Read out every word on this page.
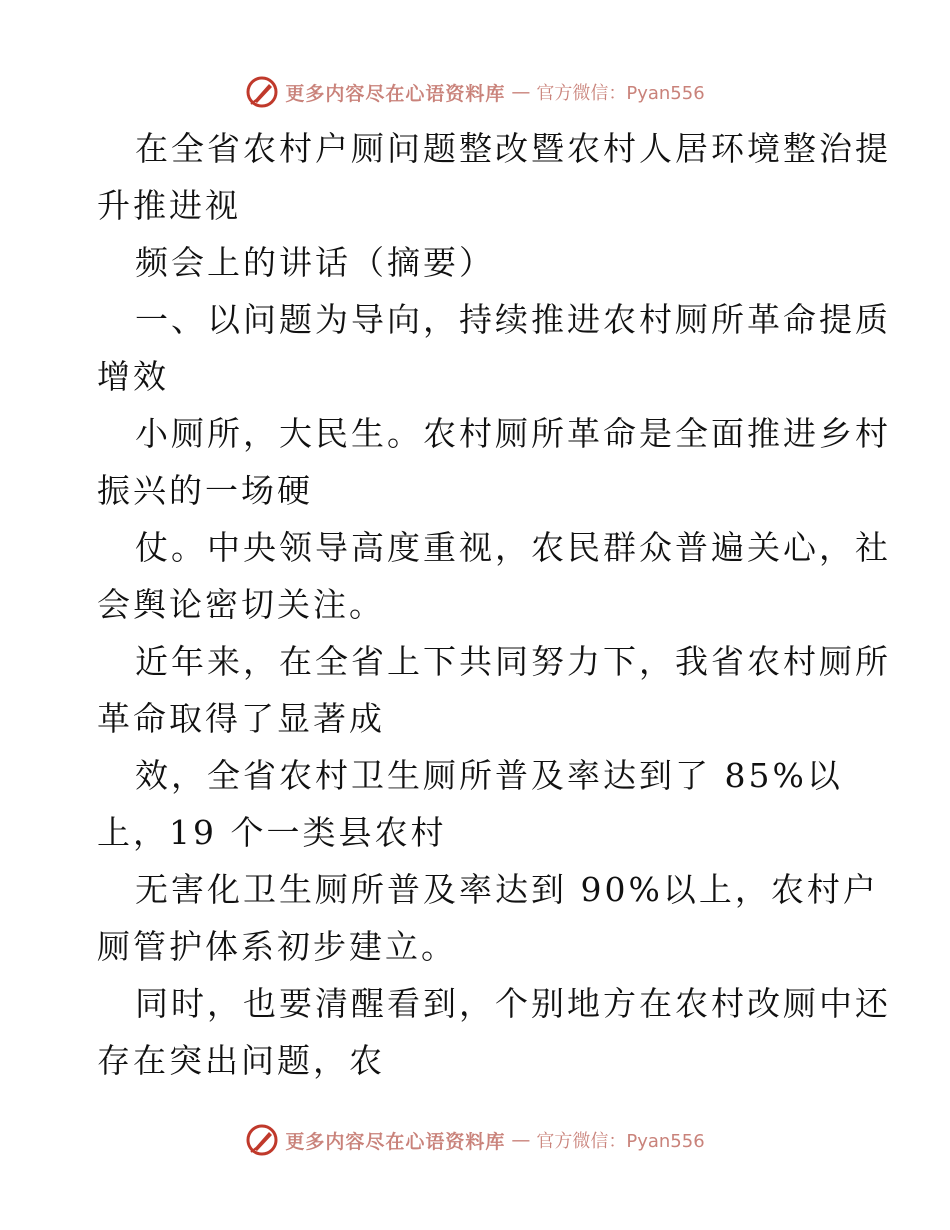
更多内容尽在心语资料库 — 官方微信：Pyan556
在全省农村户厕问题整改暨农村人居环境整治提
升推进视
频会上的讲话（摘要）
一、以问题为导向，持续推进农村厕所革命提质
增效
小厕所，大民生。农村厕所革命是全面推进乡村
振兴的一场硬
仗。中央领导高度重视，农民群众普遍关心，社
会舆论密切关注。
近年来，在全省上下共同努力下，我省农村厕所
革命取得了显著成
效，全省农村卫生厕所普及率达到了 85%以
上，19 个一类县农村
无害化卫生厕所普及率达到 90%以上，农村户
厕管护体系初步建立。
同时，也要清醒看到，个别地方在农村改厕中还
存在突出问题，农
更多内容尽在心语资料库 — 官方微信：Pyan556
